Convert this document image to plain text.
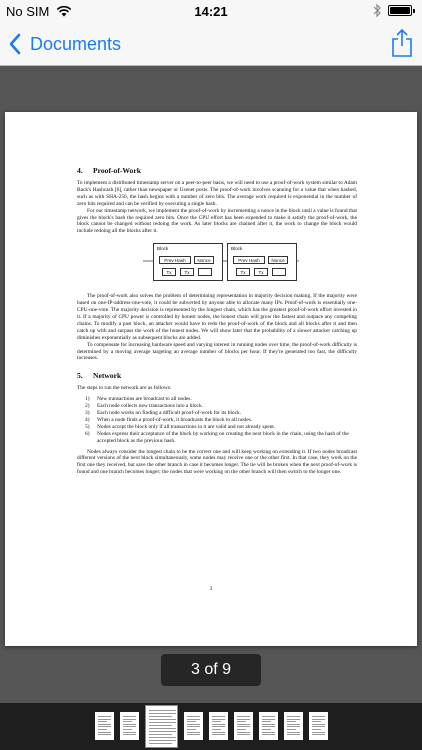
No SIM	14:21
Documents
4. Proof-of-Work
To implement a distributed timestamp server on a peer-to-peer basis, we will need to use a proof-of-work system similar to Adam Back's Hashcash [6], rather than newspaper or Usenet posts. The proof-of-work involves scanning for a value that when hashed, such as with SHA-256, the hash begins with a number of zero bits. The average work required is exponential in the number of zero bits required and can be verified by executing a single hash.
For our timestamp network, we implement the proof-of-work by incrementing a nonce in the block until a value is found that gives the block's hash the required zero bits. Once the CPU effort has been expended to make it satisfy the proof-of-work, the block cannot be changed without redoing the work. As later blocks are chained after it, the work to change the block would include redoing all the blocks after it.
Block
Prev Hash	Nonce
Tx	Tx
Block
Prev Hash	Nonce
Tx	Tx
The proof-of-work also solves the problem of determining representation in majority decision making. If the majority were based on one-IP-address-one-vote, it could be subverted by anyone able to allocate many IPs. Proof-of-work is essentially one-CPU-one-vote. The majority decision is represented by the longest chain, which has the greatest proof-of-work effort invested in it. If a majority of CPU power is controlled by honest nodes, the honest chain will grow the fastest and outpace any competing chains. To modify a past block, an attacker would have to redo the proof-of-work of the block and all blocks after it and then catch up with and surpass the work of the honest nodes. We will show later that the probability of a slower attacker catching up diminishes exponentially as subsequent blocks are added.
To compensate for increasing hardware speed and varying interest in running nodes over time, the proof-of-work difficulty is determined by a moving average targeting an average number of blocks per hour. If they're generated too fast, the difficulty increases.
5. Network
The steps to run the network are as follows:
1) New transactions are broadcast to all nodes.
2) Each node collects new transactions into a block.
3) Each node works on finding a difficult proof-of-work for its block.
4) When a node finds a proof-of-work, it broadcasts the block to all nodes.
5) Nodes accept the block only if all transactions in it are valid and not already spent.
6) Nodes express their acceptance of the block by working on creating the next block in the chain, using the hash of the accepted block as the previous hash.
Nodes always consider the longest chain to be the correct one and will keep working on extending it. If two nodes broadcast different versions of the next block simultaneously, some nodes may receive one or the other first. In that case, they work on the first one they received, but save the other branch in case it becomes longer. The tie will be broken when the next proof-of-work is found and one branch becomes longer; the nodes that were working on the other branch will then switch to the longer one.
3
3 of 9
